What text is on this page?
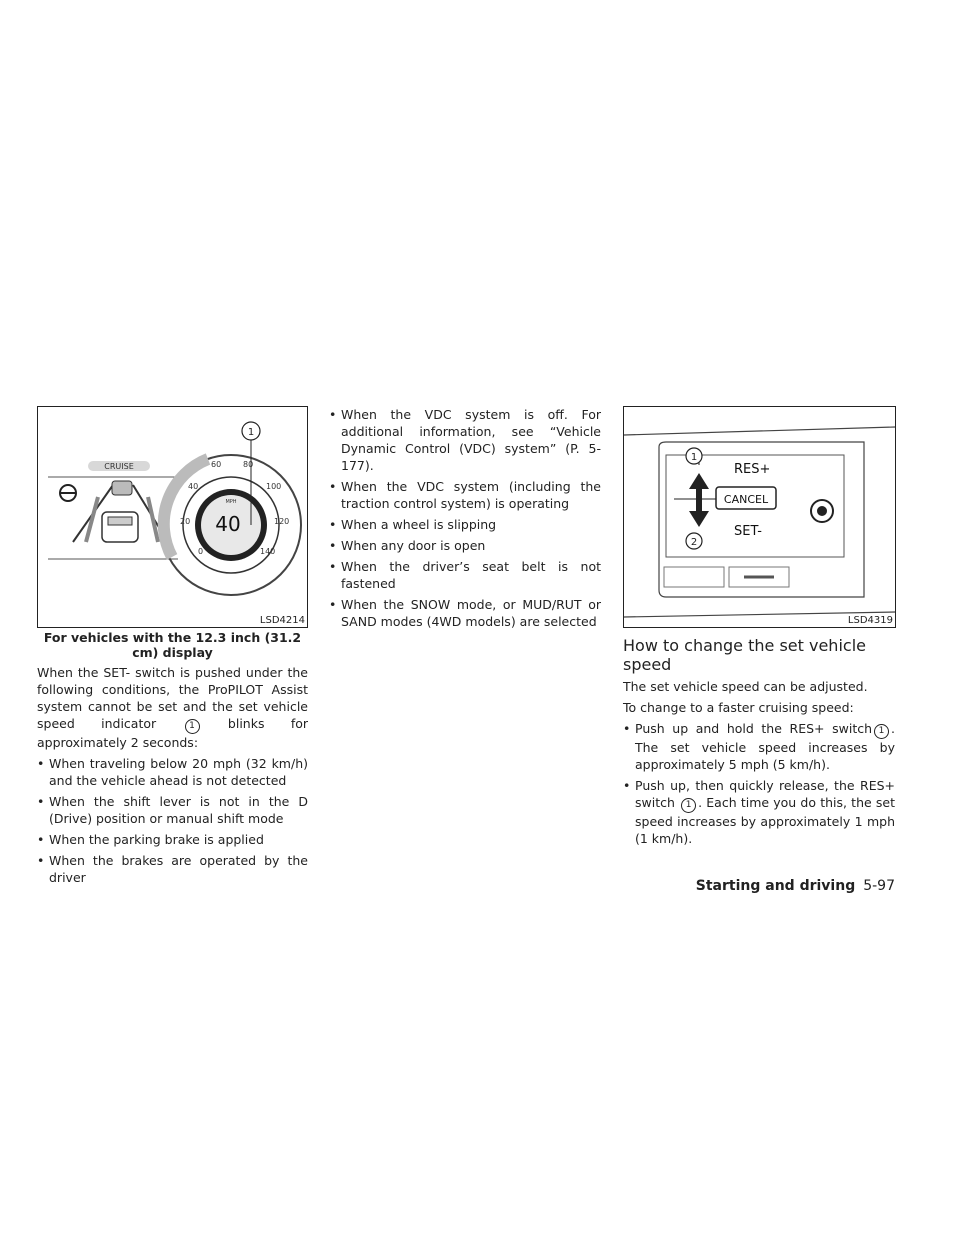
CRUISE
40
MPH
0
20
40
60	80
100
120
140
1
LSD4214
For vehicles with the 12.3 inch (31.2 cm) display

When the SET- switch is pushed under the following conditions, the ProPILOT Assist system cannot be set and the set vehicle speed indicator	1	blinks for approximately 2 seconds:

• When traveling below 20 mph (32 km/h) and the vehicle ahead is not detected
• When the shift lever is not in the D (Drive) position or manual shift mode
• When the parking brake is applied
• When the brakes are operated by the driver
• When the VDC system is off. For additional information, see “Vehicle Dynamic Control (VDC) system” (P. 5-177).
• When the VDC system (including the traction control system) is operating
• When a wheel is slipping
• When any door is open
• When the driver’s seat belt is not fastened
• When the SNOW mode, or MUD/RUT or SAND modes (4WD models) are selected
RES+
CANCEL
SET-
1
2
LSD4319
How to change the set vehicle speed

The set vehicle speed can be adjusted.

To change to a faster cruising speed:

• Push up and hold the RES+ switch 1 . The set vehicle speed increases by approximately 5 mph (5 km/h).
• Push up, then quickly release, the RES+ switch 1 . Each time you do this, the set speed increases by approximately 1 mph (1 km/h).
Starting and driving 5-97
